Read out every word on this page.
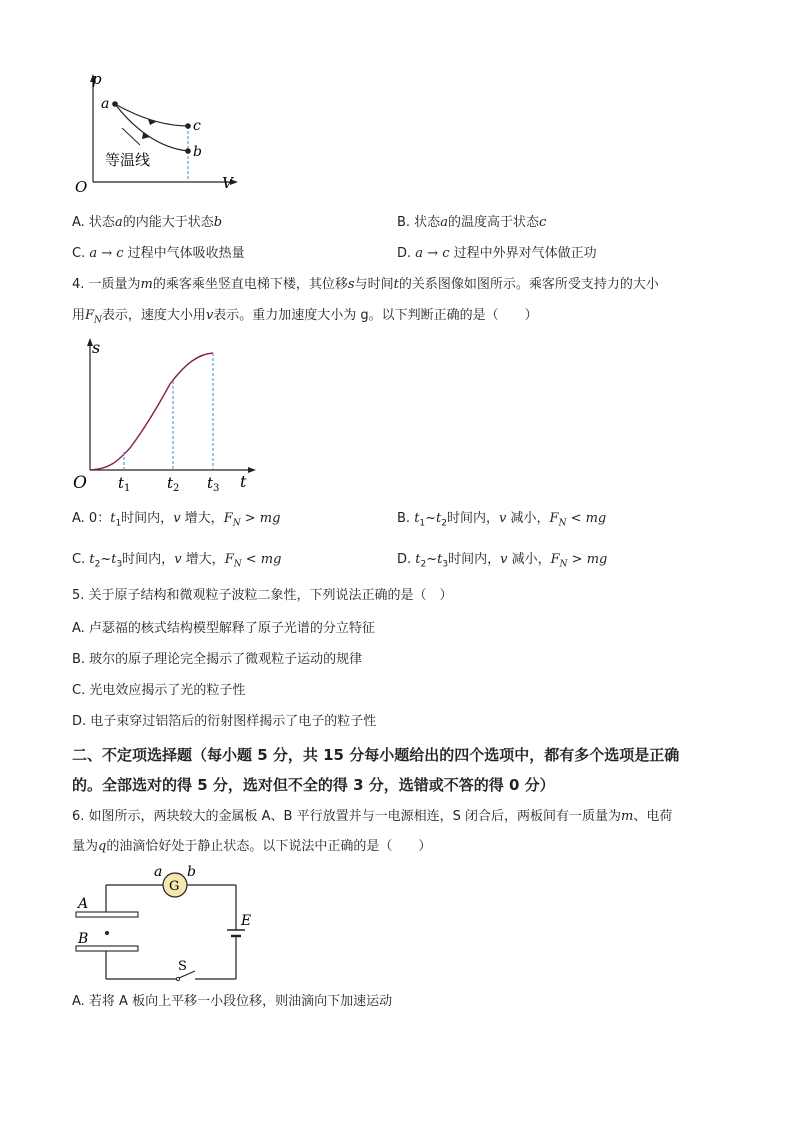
p
V
O
a
c
b
等温线
A. 状态a的内能大于状态b	B. 状态a的温度高于状态c
C. a → c 过程中气体吸收热量	D. a → c 过程中外界对气体做正功
4. 一质量为m的乘客乘坐竖直电梯下楼，其位移s与时间t的关系图像如图所示。乘客所受支持力的大小
用$F_N$表示，速度大小用v表示。重力加速度大小为 g。以下判断正确的是（　　）
s
t
O $t_1$ $t_2$ $t_3$
A. 0：$t_1$时间内，v 增大，$F_N$ > mg	B. $t_1\sim t_2$时间内，v 减小，$F_N$ < mg
C. $t_2\sim t_3$时间内，v 增大，$F_N$ < mg	D. $t_2\sim t_3$时间内，v 减小，$F_N$ > mg
5. 关于原子结构和微观粒子波粒二象性，下列说法正确的是（　）
A. 卢瑟福的核式结构模型解释了原子光谱的分立特征
B. 玻尔的原子理论完全揭示了微观粒子运动的规律
C. 光电效应揭示了光的粒子性
D. 电子束穿过铝箔后的衍射图样揭示了电子的粒子性
二、不定项选择题（每小题 5 分，共 15 分每小题给出的四个选项中，都有多个选项是正确
的。全部选对的得 5 分，选对但不全的得 3 分，选错或不答的得 0 分）
6. 如图所示，两块较大的金属板 A、B 平行放置并与一电源相连，S 闭合后，两板间有一质量为m、电荷
量为q的油滴恰好处于静止状态。以下说法中正确的是（　　）
G
a b
A
B
S
E
A. 若将 A 板向上平移一小段位移，则油滴向下加速运动
